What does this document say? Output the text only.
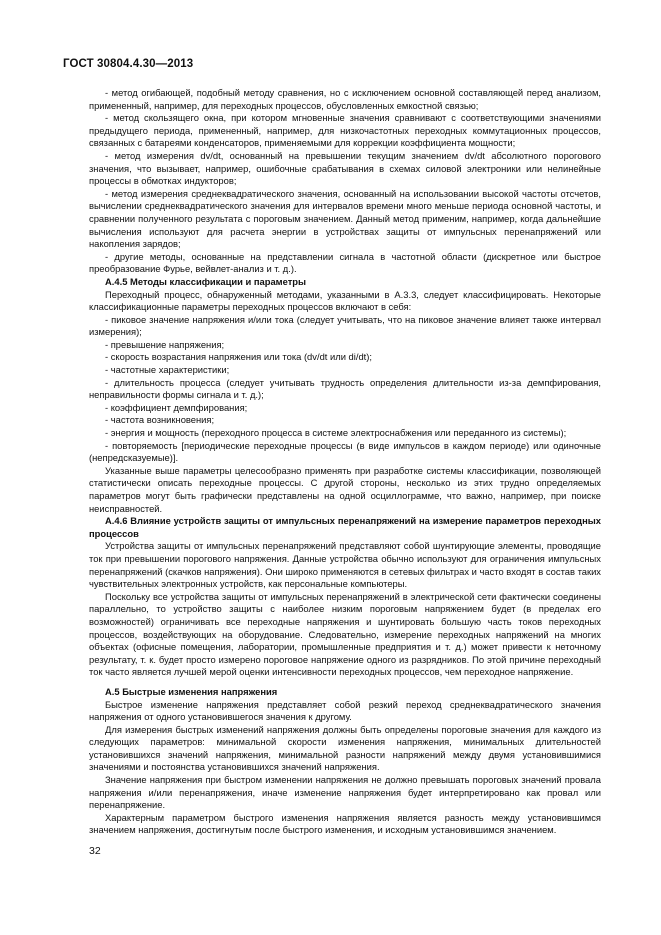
ГОСТ 30804.4.30—2013

- метод огибающей, подобный методу сравнения, но с исключением основной составляющей перед анализом, примененный, например, для переходных процессов, обусловленных емкостной связью;

- метод скользящего окна, при котором мгновенные значения сравнивают с соответствующими значениями предыдущего периода, примененный, например, для низкочастотных переходных коммутационных процессов, связанных с батареями конденсаторов, применяемыми для коррекции коэффициента мощности;

- метод измерения dv/dt, основанный на превышении текущим значением dv/dt абсолютного порогового значения, что вызывает, например, ошибочные срабатывания в схемах силовой электроники или нелинейные процессы в обмотках индукторов;

- метод измерения среднеквадратического значения, основанный на использовании высокой частоты отсчетов, вычислении среднеквадратического значения для интервалов времени много меньше периода основной частоты, и сравнении полученного результата с пороговым значением. Данный метод применим, например, когда дальнейшие вычисления используют для расчета энергии в устройствах защиты от импульсных перенапряжений или накопления зарядов;

- другие методы, основанные на представлении сигнала в частотной области (дискретное или быстрое преобразование Фурье, вейвлет-анализ и т. д.).

А.4.5 Методы классификации и параметры

Переходный процесс, обнаруженный методами, указанными в А.3.3, следует классифицировать. Некоторые классификационные параметры переходных процессов включают в себя:

- пиковое значение напряжения и/или тока (следует учитывать, что на пиковое значение влияет также интервал измерения);

- превышение напряжения;

- скорость возрастания напряжения или тока (dv/dt или di/dt);

- частотные характеристики;

- длительность процесса (следует учитывать трудность определения длительности из-за демпфирования, неправильности формы сигнала и т. д.);

- коэффициент демпфирования;

- частота возникновения;

- энергия и мощность (переходного процесса в системе электроснабжения или переданного из системы);

- повторяемость [периодические переходные процессы (в виде импульсов в каждом периоде) или одиночные (непредсказуемые)].

Указанные выше параметры целесообразно применять при разработке системы классификации, позволяющей статистически описать переходные процессы. С другой стороны, несколько из этих трудно определяемых параметров могут быть графически представлены на одной осциллограмме, что важно, например, при поиске неисправностей.

А.4.6 Влияние устройств защиты от импульсных перенапряжений на измерение параметров переходных процессов

Устройства защиты от импульсных перенапряжений представляют собой шунтирующие элементы, проводящие ток при превышении порогового напряжения. Данные устройства обычно используют для ограничения импульсных перенапряжений (скачков напряжения). Они широко применяются в сетевых фильтрах и часто входят в состав таких чувствительных электронных устройств, как персональные компьютеры.

Поскольку все устройства защиты от импульсных перенапряжений в электрической сети фактически соединены параллельно, то устройство защиты с наиболее низким пороговым напряжением будет (в пределах его возможностей) ограничивать все переходные напряжения и шунтировать большую часть токов переходных процессов, воздействующих на оборудование. Следовательно, измерение переходных напряжений на многих объектах (офисные помещения, лаборатории, промышленные предприятия и т. д.) может привести к неточному результату, т. к. будет просто измерено пороговое напряжение одного из разрядников. По этой причине переходный ток часто является лучшей мерой оценки интенсивности переходных процессов, чем переходное напряжение.

А.5 Быстрые изменения напряжения

Быстрое изменение напряжения представляет собой резкий переход среднеквадратического значения напряжения от одного установившегося значения к другому.

Для измерения быстрых изменений напряжения должны быть определены пороговые значения для каждого из следующих параметров: минимальной скорости изменения напряжения, минимальных длительностей установившихся значений напряжения, минимальной разности напряжений между двумя установившимися значениями и постоянства установившихся значений напряжения.

Значение напряжения при быстром изменении напряжения не должно превышать пороговых значений провала напряжения и/или перенапряжения, иначе изменение напряжения будет интерпретировано как провал или перенапряжение.

Характерным параметром быстрого изменения напряжения является разность между установившимся значением напряжения, достигнутым после быстрого изменения, и исходным установившимся значением.

32
